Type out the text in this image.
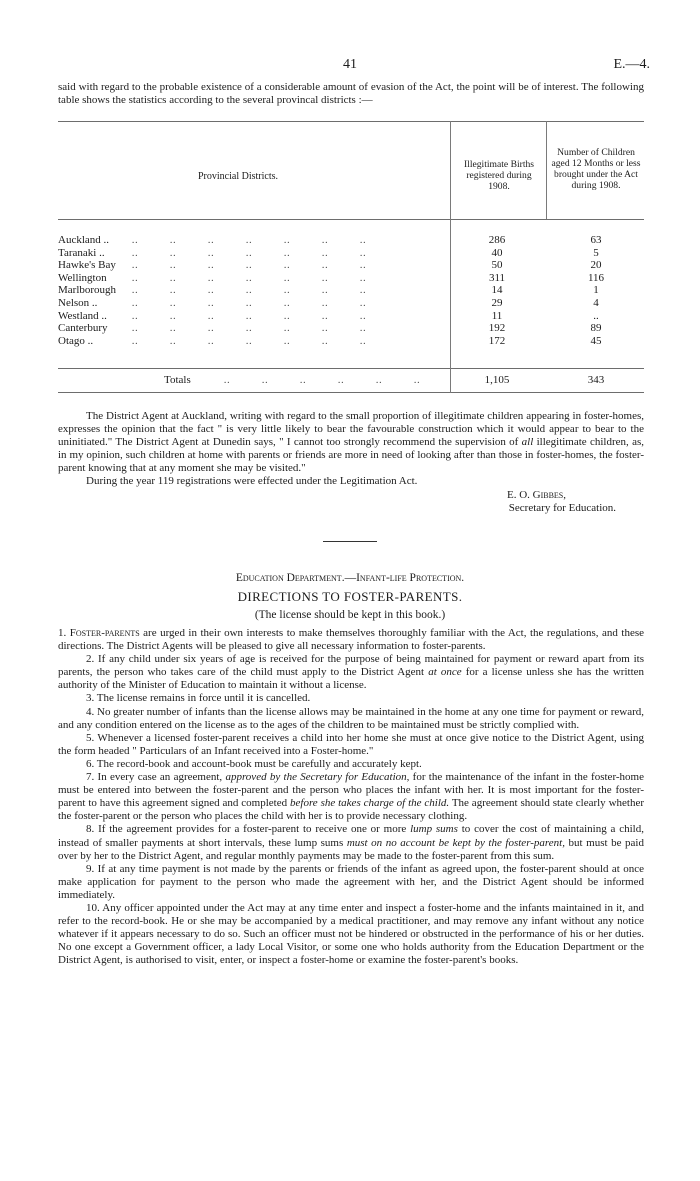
41	E.—4.
said with regard to the probable existence of a considerable amount of evasion of the Act, the point will be of interest. The following table shows the statistics according to the several provincal districts :—
Provincial Districts.
Illegitimate Births registered during 1908.
Number of Children aged 12 Months or less brought under the Act during 1908.
Auckland ..	..	..	..	..	..	..	..	286	63
Taranaki ..	..	..	..	..	..	..	..	40	5
Hawke's Bay	..	..	..	..	..	..	..	50	20
Wellington	..	..	..	..	..	..	..	311	116
Marlborough	..	..	..	..	..	..	..	14	1
Nelson ..	..	..	..	..	..	..	..	29	4
Westland ..	..	..	..	..	..	..	..	11	..
Canterbury	..	..	..	..	..	..	..	192	89
Otago ..	..	..	..	..	..	..	..	172	45
Totals	..	..	..	..	..	..	1,105	343

The District Agent at Auckland, writing with regard to the small proportion of illegitimate children appearing in foster-homes, expresses the opinion that the fact " is very little likely to bear the favourable construction which it would appear to bear to the uninitiated." The District Agent at Dunedin says, " I cannot too strongly recommend the supervision of all illegitimate children, as, in my opinion, such children at home with parents or friends are more in need of looking after than those in foster-homes, the foster-parent knowing that at any moment she may be visited."

During the year 119 registrations were effected under the Legitimation Act.

E. O. Gibbes,

Secretary for Education.

Education Department.—Infant-life Protection.
DIRECTIONS TO FOSTER-PARENTS.
(The license should be kept in this book.)

1. Foster-parents are urged in their own interests to make themselves thoroughly familiar with the Act, the regulations, and these directions. The District Agents will be pleased to give all necessary information to foster-parents.

2. If any child under six years of age is received for the purpose of being maintained for payment or reward apart from its parents, the person who takes care of the child must apply to the District Agent at once for a license unless she has the written authority of the Minister of Education to maintain it without a license.

3. The license remains in force until it is cancelled.

4. No greater number of infants than the license allows may be maintained in the home at any one time for payment or reward, and any condition entered on the license as to the ages of the children to be maintained must be strictly complied with.

5. Whenever a licensed foster-parent receives a child into her home she must at once give notice to the District Agent, using the form headed " Particulars of an Infant received into a Foster-home."

6. The record-book and account-book must be carefully and accurately kept.

7. In every case an agreement, approved by the Secretary for Education, for the maintenance of the infant in the foster-home must be entered into between the foster-parent and the person who places the infant with her. It is most important for the foster-parent to have this agreement signed and completed before she takes charge of the child. The agreement should state clearly whether the foster-parent or the person who places the child with her is to provide necessary clothing.

8. If the agreement provides for a foster-parent to receive one or more lump sums to cover the cost of maintaining a child, instead of smaller payments at short intervals, these lump sums must on no account be kept by the foster-parent, but must be paid over by her to the District Agent, and regular monthly payments may be made to the foster-parent from this sum.

9. If at any time payment is not made by the parents or friends of the infant as agreed upon, the foster-parent should at once make application for payment to the person who made the agreement with her, and the District Agent should be informed immediately.

10. Any officer appointed under the Act may at any time enter and inspect a foster-home and the infants maintained in it, and refer to the record-book. He or she may be accompanied by a medical practitioner, and may remove any infant without any notice whatever if it appears necessary to do so. Such an officer must not be hindered or obstructed in the performance of his or her duties. No one except a Government officer, a lady Local Visitor, or some one who holds authority from the Education Department or the District Agent, is authorised to visit, enter, or inspect a foster-home or examine the foster-parent's books.
